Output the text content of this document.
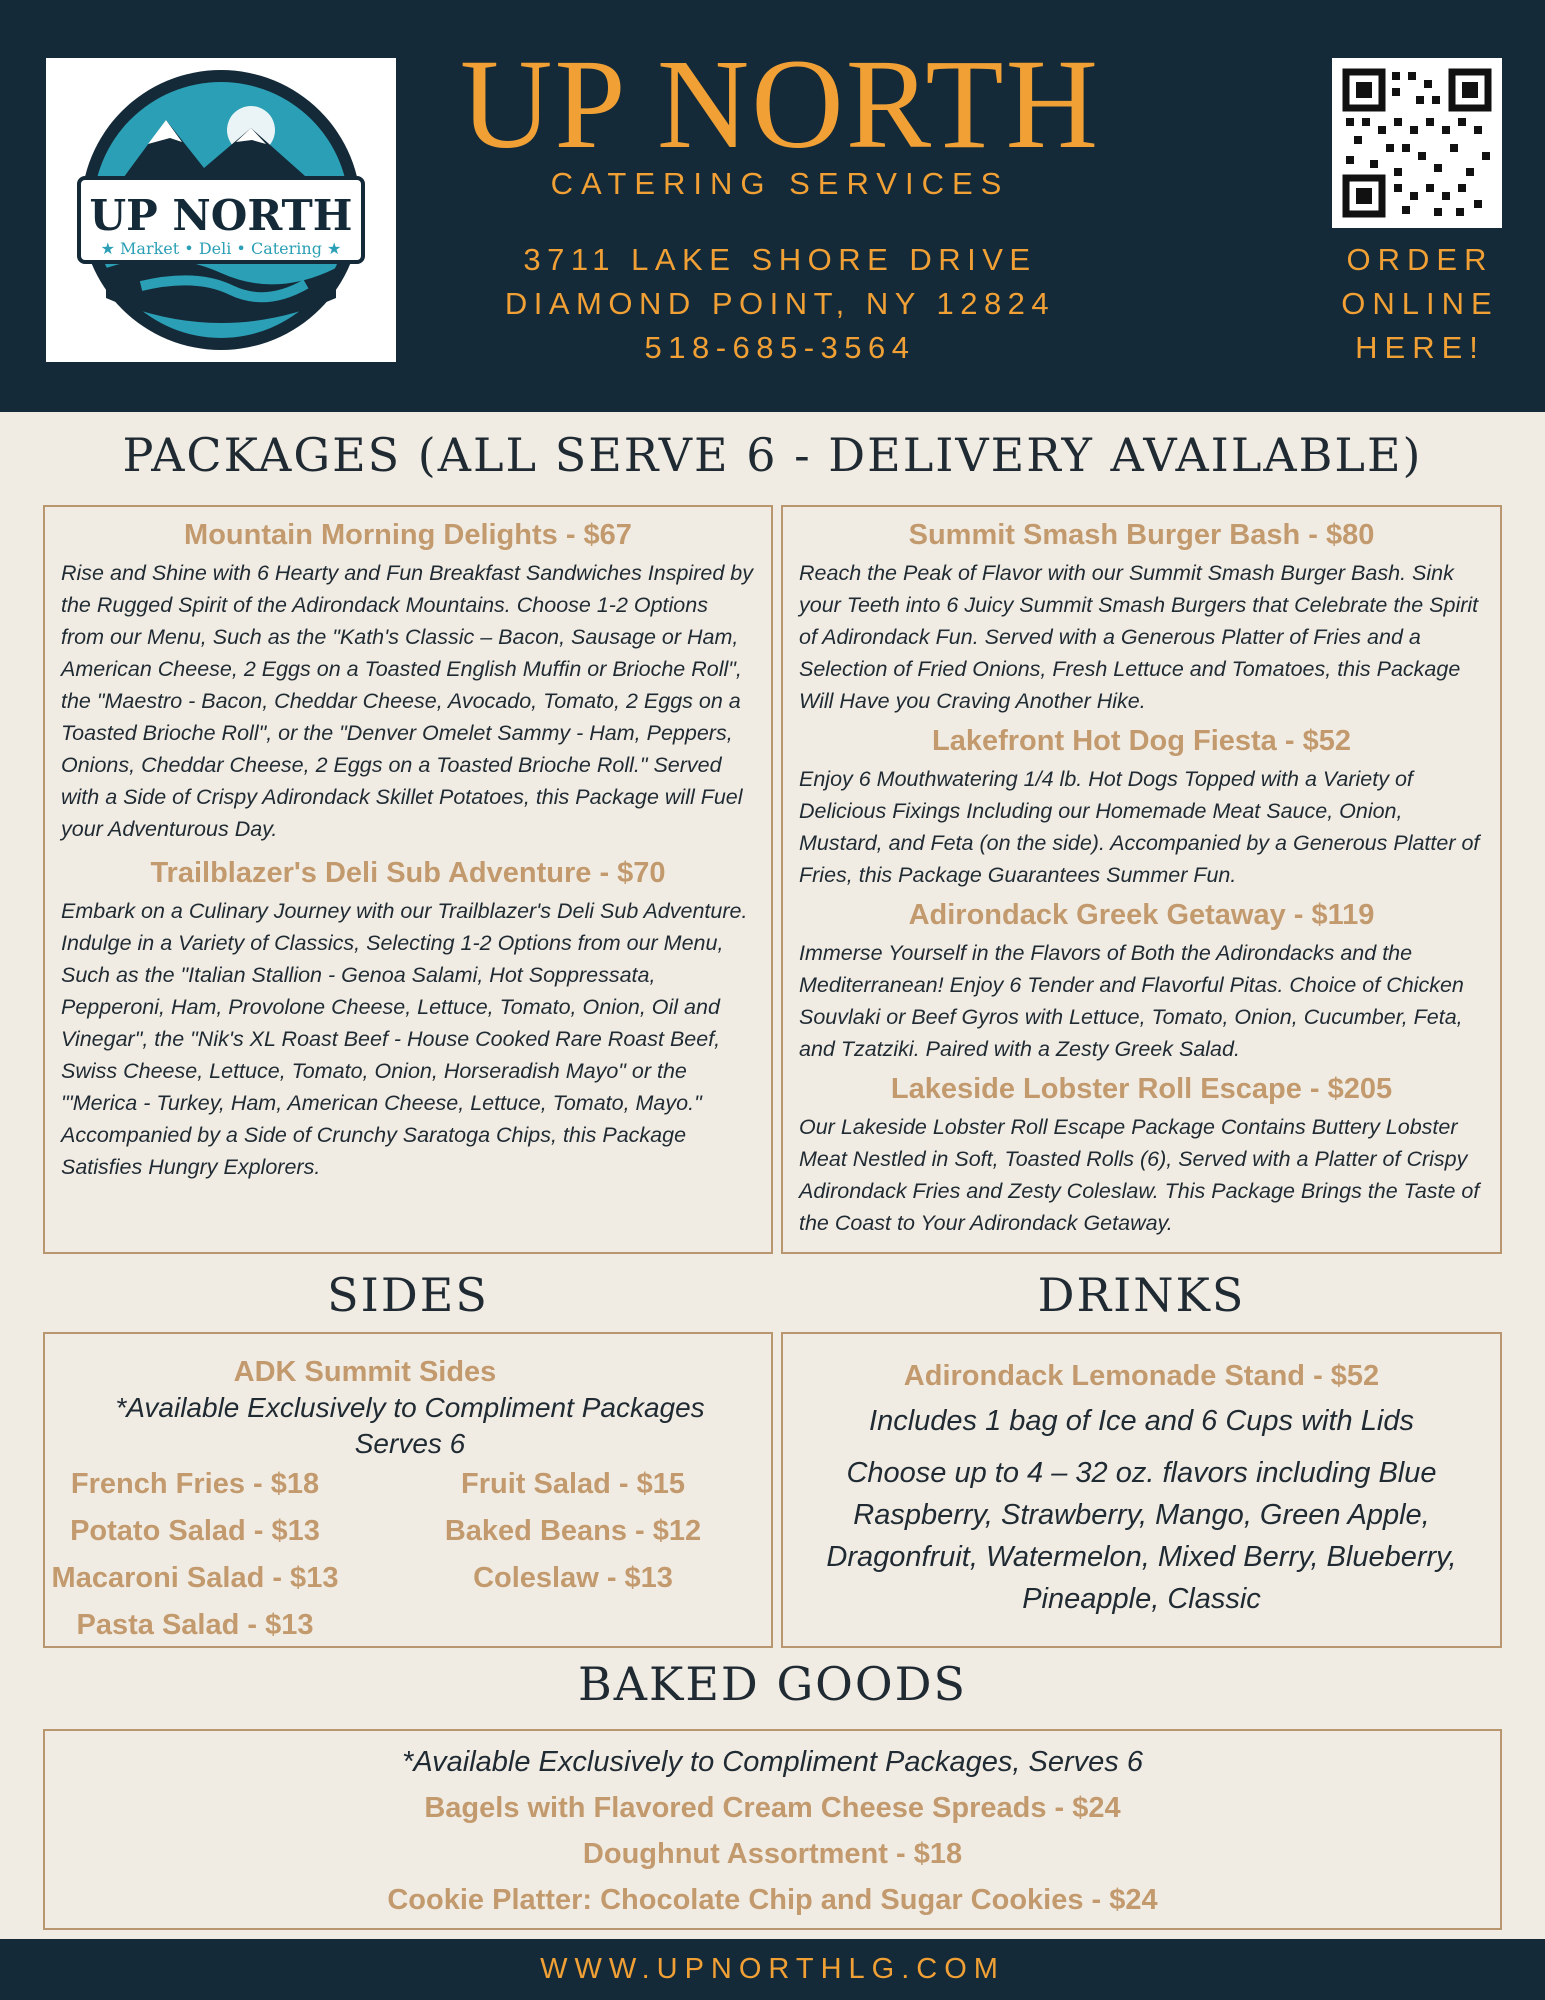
UP NORTH
★ Market • Deli • Catering ★
UP NORTH
CATERING SERVICES
3711 LAKE SHORE DRIVE
DIAMOND POINT, NY 12824
518-685-3564
ORDER
ONLINE
HERE!
PACKAGES (ALL SERVE 6 - DELIVERY AVAILABLE)
Mountain Morning Delights - $67
Rise and Shine with 6 Hearty and Fun Breakfast Sandwiches Inspired by the Rugged Spirit of the Adirondack Mountains. Choose 1-2 Options from our Menu, Such as the "Kath's Classic – Bacon, Sausage or Ham, American Cheese, 2 Eggs on a Toasted English Muffin or Brioche Roll", the "Maestro - Bacon, Cheddar Cheese, Avocado, Tomato, 2 Eggs on a Toasted Brioche Roll", or the "Denver Omelet Sammy - Ham, Peppers, Onions, Cheddar Cheese, 2 Eggs on a Toasted Brioche Roll." Served with a Side of Crispy Adirondack Skillet Potatoes, this Package will Fuel your Adventurous Day.
Trailblazer's Deli Sub Adventure - $70
Embark on a Culinary Journey with our Trailblazer's Deli Sub Adventure. Indulge in a Variety of Classics, Selecting 1-2 Options from our Menu, Such as the "Italian Stallion - Genoa Salami, Hot Soppressata, Pepperoni, Ham, Provolone Cheese, Lettuce, Tomato, Onion, Oil and Vinegar", the "Nik's XL Roast Beef - House Cooked Rare Roast Beef, Swiss Cheese, Lettuce, Tomato, Onion, Horseradish Mayo" or the "'Merica - Turkey, Ham, American Cheese, Lettuce, Tomato, Mayo." Accompanied by a Side of Crunchy Saratoga Chips, this Package Satisfies Hungry Explorers.
Summit Smash Burger Bash - $80
Reach the Peak of Flavor with our Summit Smash Burger Bash. Sink your Teeth into 6 Juicy Summit Smash Burgers that Celebrate the Spirit of Adirondack Fun. Served with a Generous Platter of Fries and a Selection of Fried Onions, Fresh Lettuce and Tomatoes, this Package Will Have you Craving Another Hike.
Lakefront Hot Dog Fiesta - $52
Enjoy 6 Mouthwatering 1/4 lb. Hot Dogs Topped with a Variety of Delicious Fixings Including our Homemade Meat Sauce, Onion, Mustard, and Feta (on the side). Accompanied by a Generous Platter of Fries, this Package Guarantees Summer Fun.
Adirondack Greek Getaway - $119
Immerse Yourself in the Flavors of Both the Adirondacks and the Mediterranean! Enjoy 6 Tender and Flavorful Pitas. Choice of Chicken Souvlaki or Beef Gyros with Lettuce, Tomato, Onion, Cucumber, Feta, and Tzatziki. Paired with a Zesty Greek Salad.
Lakeside Lobster Roll Escape - $205
Our Lakeside Lobster Roll Escape Package Contains Buttery Lobster Meat Nestled in Soft, Toasted Rolls (6), Served with a Platter of Crispy Adirondack Fries and Zesty Coleslaw. This Package Brings the Taste of the Coast to Your Adirondack Getaway.
SIDES
ADK Summit Sides
*Available Exclusively to Compliment Packages
Serves 6
French Fries - $18
Potato Salad - $13
Macaroni Salad - $13
Pasta Salad - $13
Fruit Salad - $15
Baked Beans - $12
Coleslaw - $13
DRINKS
Adirondack Lemonade Stand - $52
Includes 1 bag of Ice and 6 Cups with Lids
Choose up to 4 – 32 oz. flavors including Blue Raspberry, Strawberry, Mango, Green Apple, Dragonfruit, Watermelon, Mixed Berry, Blueberry, Pineapple, Classic
BAKED GOODS
*Available Exclusively to Compliment Packages, Serves 6
Bagels with Flavored Cream Cheese Spreads - $24
Doughnut Assortment - $18
Cookie Platter: Chocolate Chip and Sugar Cookies - $24
WWW.UPNORTHLG.COM
